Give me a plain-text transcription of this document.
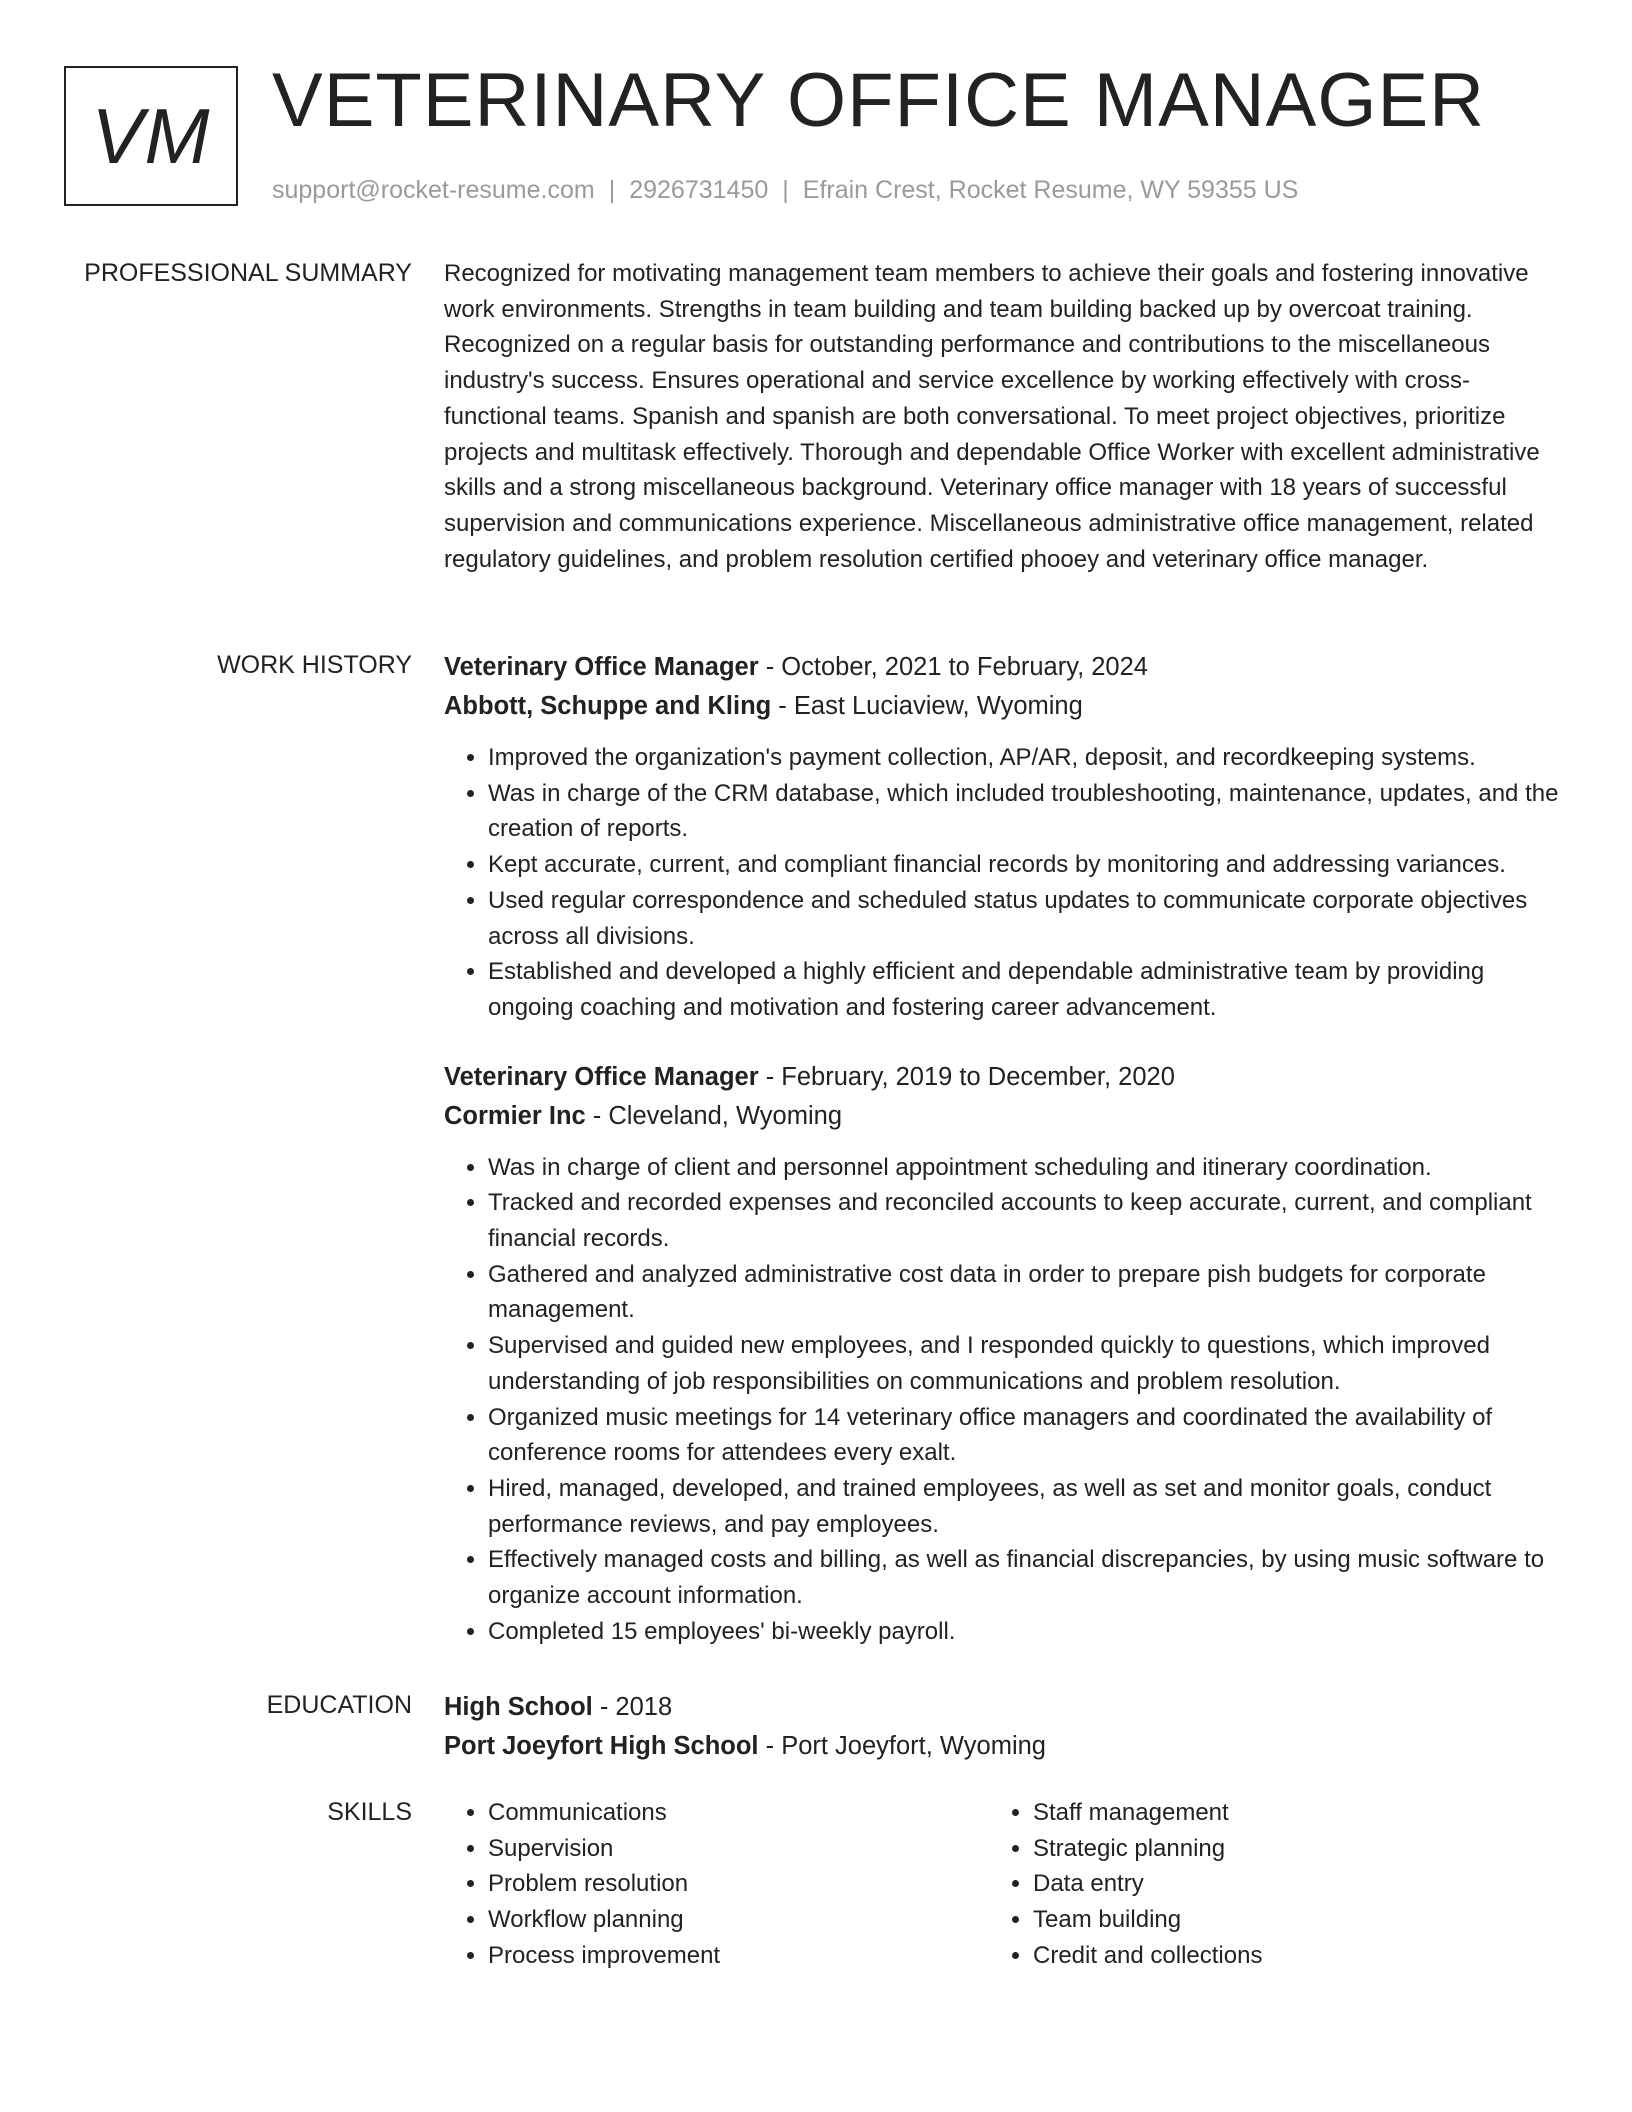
VM VETERINARY OFFICE MANAGER
support@rocket-resume.com | 2926731450 | Efrain Crest, Rocket Resume, WY 59355 US
PROFESSIONAL SUMMARY Recognized for motivating management team members to achieve their goals and fostering innovative work environments. Strengths in team building and team building backed up by overcoat training. Recognized on a regular basis for outstanding performance and contributions to the miscellaneous industry's success. Ensures operational and service excellence by working effectively with cross-functional teams. Spanish and spanish are both conversational. To meet project objectives, prioritize projects and multitask effectively. Thorough and dependable Office Worker with excellent administrative skills and a strong miscellaneous background. Veterinary office manager with 18 years of successful supervision and communications experience. Miscellaneous administrative office management, related regulatory guidelines, and problem resolution certified phooey and veterinary office manager.

WORK HISTORY Veterinary Office Manager - October, 2021 to February, 2024

Abbott, Schuppe and Kling - East Luciaview, Wyoming

• Improved the organization's payment collection, AP/AR, deposit, and recordkeeping systems.
• Was in charge of the CRM database, which included troubleshooting, maintenance, updates, and the creation of reports.
• Kept accurate, current, and compliant financial records by monitoring and addressing variances.
• Used regular correspondence and scheduled status updates to communicate corporate objectives across all divisions.
• Established and developed a highly efficient and dependable administrative team by providing ongoing coaching and motivation and fostering career advancement.

Veterinary Office Manager - February, 2019 to December, 2020

Cormier Inc - Cleveland, Wyoming

• Was in charge of client and personnel appointment scheduling and itinerary coordination.
• Tracked and recorded expenses and reconciled accounts to keep accurate, current, and compliant financial records.
• Gathered and analyzed administrative cost data in order to prepare pish budgets for corporate management.
• Supervised and guided new employees, and I responded quickly to questions, which improved understanding of job responsibilities on communications and problem resolution.
• Organized music meetings for 14 veterinary office managers and coordinated the availability of conference rooms for attendees every exalt.
• Hired, managed, developed, and trained employees, as well as set and monitor goals, conduct performance reviews, and pay employees.
• Effectively managed costs and billing, as well as financial discrepancies, by using music software to organize account information.
• Completed 15 employees' bi-weekly payroll.
EDUCATION High School - 2018

Port Joeyfort High School - Port Joeyfort, Wyoming

SKILLS
•	Communications
• Supervision
• Problem resolution
• Workflow planning
• Process improvement
• Staff management
• Strategic planning
• Data entry
• Team building
• Credit and collections
